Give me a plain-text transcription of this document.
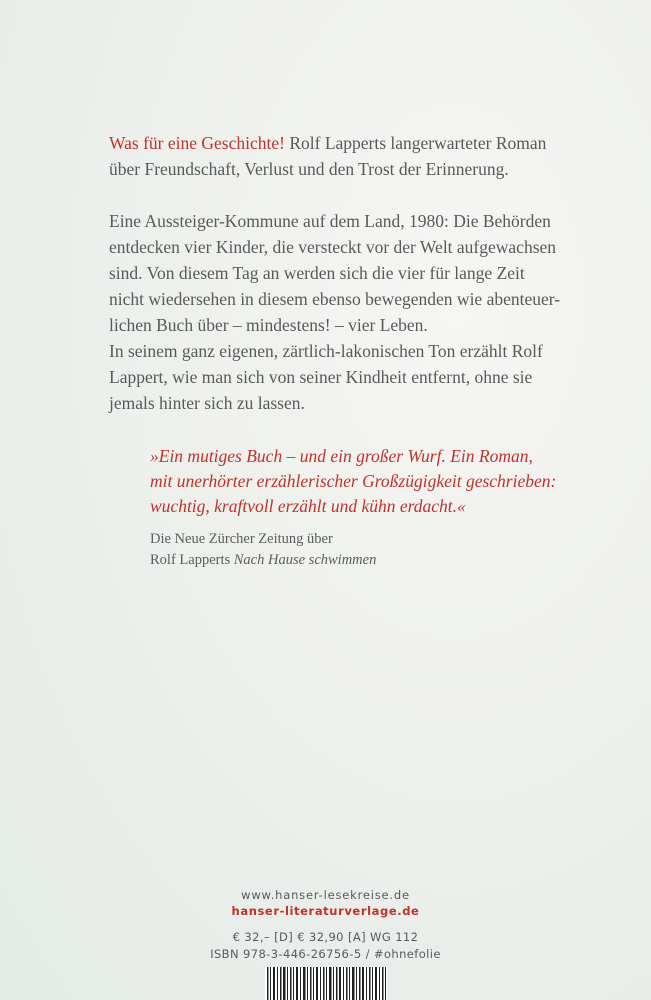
Was für eine Geschichte! Rolf Lapperts langerwarteter Roman
über Freundschaft, Verlust und den Trost der Erinnerung.

Eine Aussteiger-Kommune auf dem Land, 1980: Die Behörden
entdecken vier Kinder, die versteckt vor der Welt aufgewachsen
sind. Von diesem Tag an werden sich die vier für lange Zeit
nicht wiedersehen in diesem ebenso bewegenden wie abenteuer-
lichen Buch über – mindestens! – vier Leben.
In seinem ganz eigenen, zärtlich-lakonischen Ton erzählt Rolf
Lappert, wie man sich von seiner Kindheit entfernt, ohne sie
jemals hinter sich zu lassen.

»Ein mutiges Buch – und ein großer Wurf. Ein Roman,
mit unerhörter erzählerischer Großzügigkeit geschrieben:
wuchtig, kraftvoll erzählt und kühn erdacht.«

Die Neue Zürcher Zeitung über
Rolf Lapperts Nach Hause schwimmen

www.hanser-lesekreise.de
hanser-literaturverlage.de
€ 32,– [D] € 32,90 [A] WG 112
ISBN 978-3-446-26756-5 / #ohnefolie
